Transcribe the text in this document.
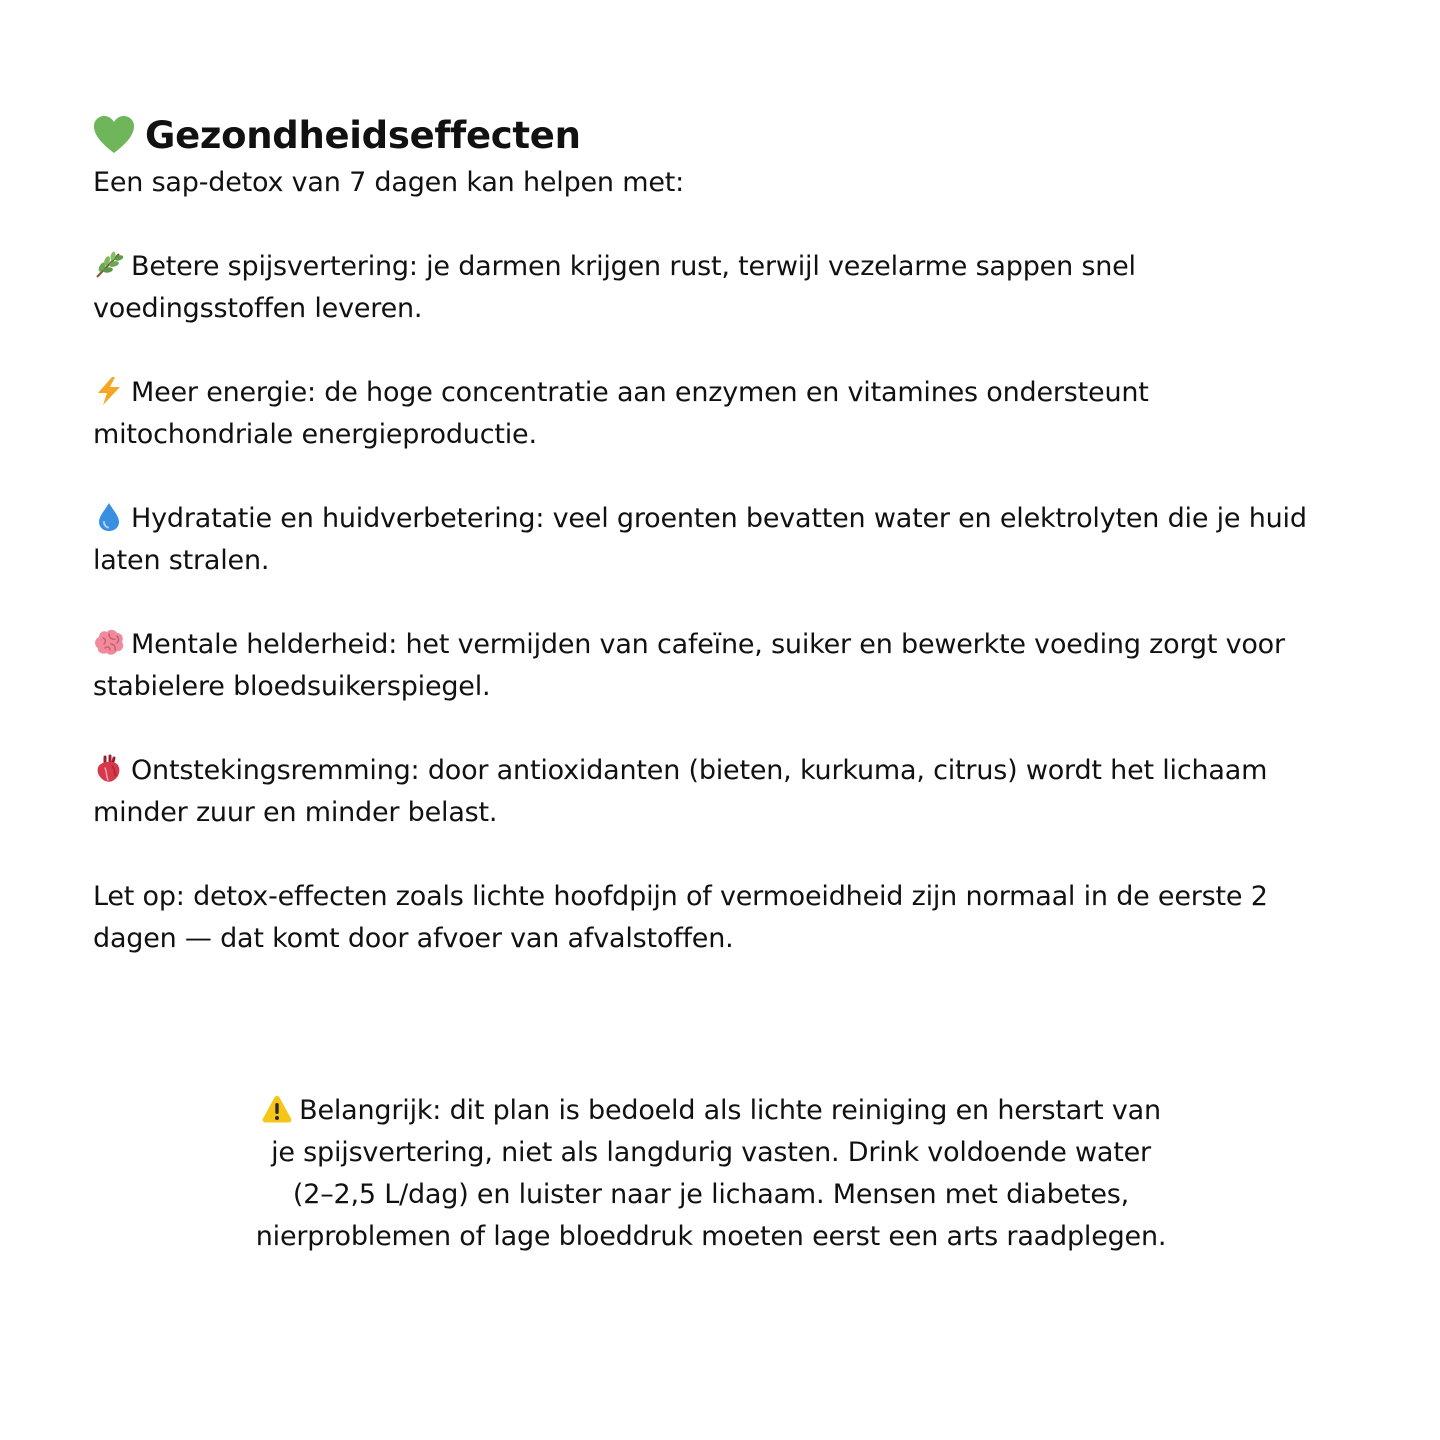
Gezondheidseffecten

Een sap-detox van 7 dagen kan helpen met:

Betere spijsvertering: je darmen krijgen rust, terwijl vezelarme sappen snel voedingsstoffen leveren.
Meer energie: de hoge concentratie aan enzymen en vitamines ondersteunt mitochondriale energieproductie.
Hydratatie en huidverbetering: veel groenten bevatten water en elektrolyten die je huid laten stralen.
Mentale helderheid: het vermijden van cafeïne, suiker en bewerkte voeding zorgt voor stabielere bloedsuikerspiegel.
Ontstekingsremming: door antioxidanten (bieten, kurkuma, citrus) wordt het lichaam minder zuur en minder belast.

Let op: detox-effecten zoals lichte hoofdpijn of vermoeidheid zijn normaal in de eerste 2 dagen — dat komt door afvoer van afvalstoffen.

Belangrijk: dit plan is bedoeld als lichte reiniging en herstart van je spijsvertering, niet als langdurig vasten. Drink voldoende water (2–2,5 L/dag) en luister naar je lichaam. Mensen met diabetes, nierproblemen of lage bloeddruk moeten eerst een arts raadplegen.
